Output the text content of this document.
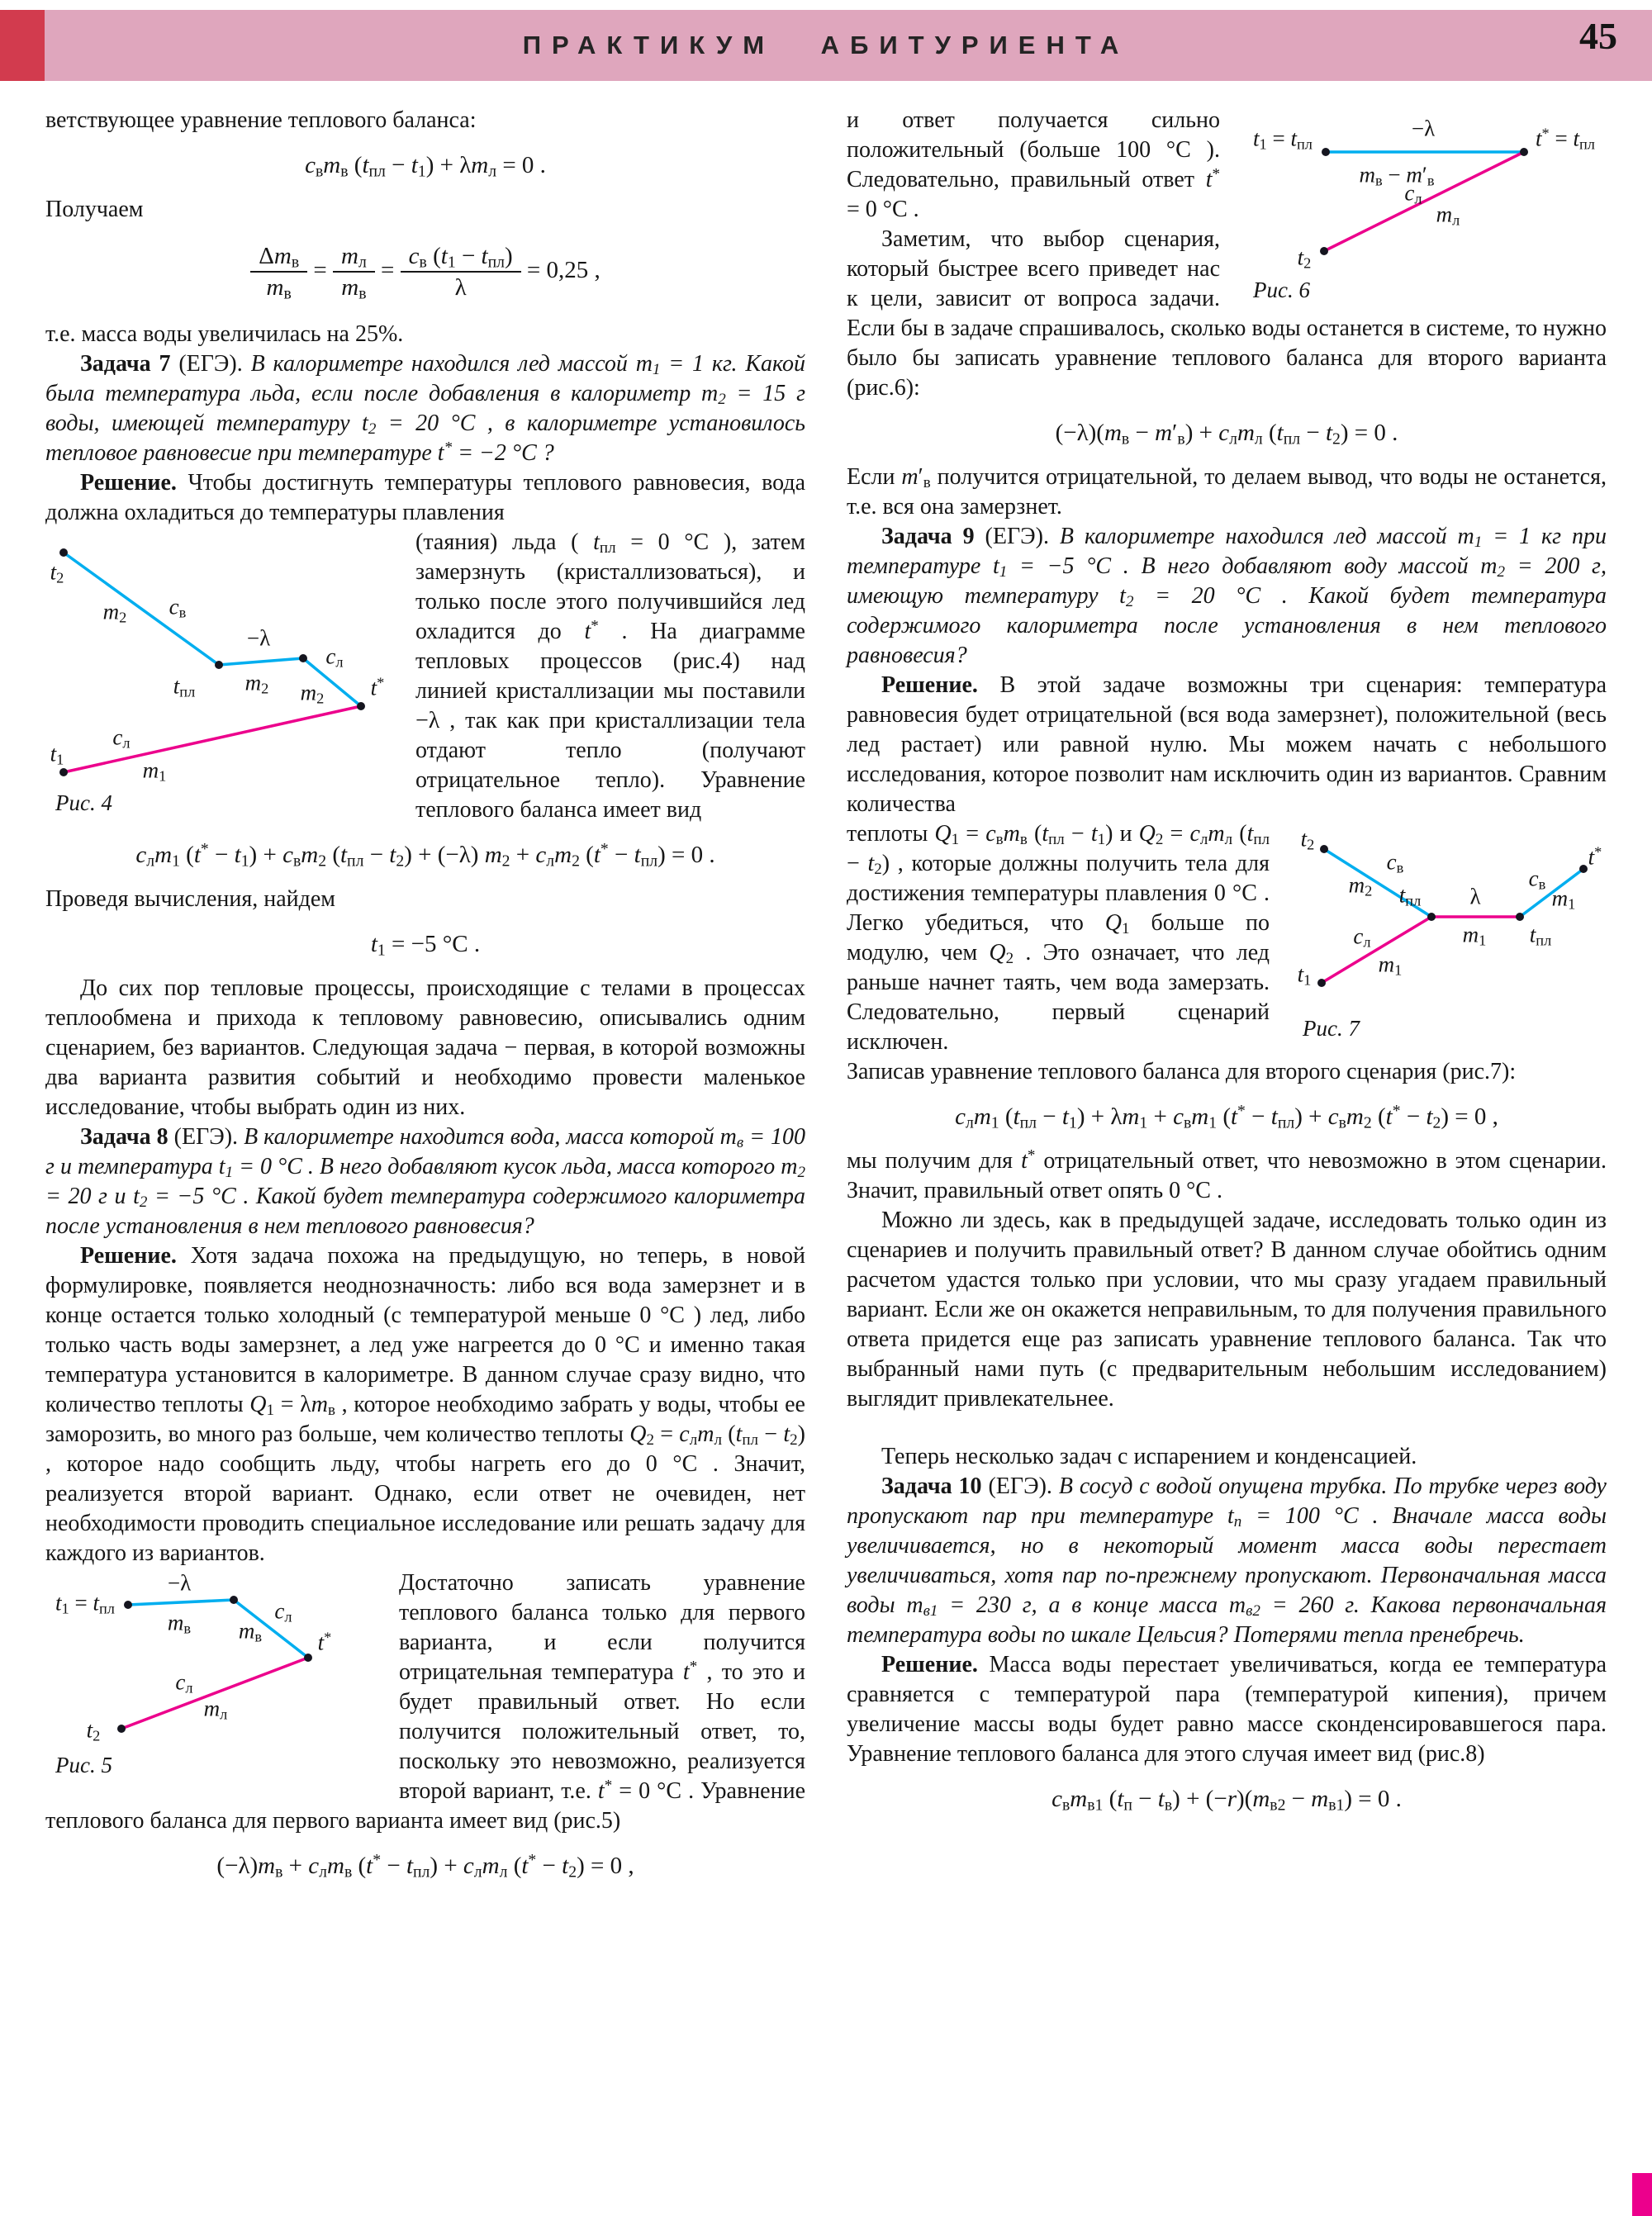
ПРАКТИКУМ АБИТУРИЕНТА	45

ветствующее уравнение теплового баланса:

$c_вm_в$ $(t_{пл} - t_1) + \lambda m_л = 0$ .

Получаем

$\frac{\Delta m_в}{m_в} = \frac{m_л}{m_в} = \frac{c_в (t_1 - t_{пл})}{\lambda} = 0,25$ ,

т.е. масса воды увеличилась на 25%.

Задача 7 (ЕГЭ). В калориметре находился лед массой $m_1 = 1$ кг. Какой была температура льда, если после добавления в калориметр $m_2 = 15$ г воды, имеющей температуру $t_2 = 20$ °C , в калориметре установилось тепловое равновесие при температуре t* = −2 °C ?

Решение. Чтобы достигнуть температуры теплового равновесия, вода должна охладиться до температуры плавления

$t_2$
$c_в$
$m_2$
$t_{пл}$
−λ
$m_2$
$c_л$
$m_2$ t*
$t_1$
$c_л$
$m_1$
Рис. 4

(таяния) льда ( $t_{пл} = 0$ °C ), затем замерзнуть (кристаллизоваться), и только после этого получившийся лед охладится до t* . На диаграмме тепловых процессов (рис.4) над линией кристаллизации мы поставили −λ , так как при кристаллизации тела отдают тепло (получают отрицательное тепло). Уравнение теплового баланса имеет вид

$c_лm_1$ $(t^* - t_1) + c_вm_2$ $(t_{пл} - t_2) + (-\lambda) m_2 + c_лm_2$ $(t^* - t_{пл}) = 0$ .

Проведя вычисления, найдем

$t_1 = -5$ °C .

До сих пор тепловые процессы, происходящие с телами в процессах теплообмена и прихода к тепловому равновесию, описывались одним сценарием, без вариантов. Следующая задача − первая, в которой возможны два варианта развития событий и необходимо провести маленькое исследование, чтобы выбрать один из них.

Задача 8 (ЕГЭ). В калориметре находится вода, масса которой $m_в = 100$ г и температура $t_1 = 0$ °C . В него добавляют кусок льда, масса которого $m_2 = 20$ г и $t_2 = -5$ °C . Какой будет температура содержимого калориметра после установления в нем теплового равновесия?

Решение. Хотя задача похожа на предыдущую, но теперь, в новой формулировке, появляется неоднозначность: либо вся вода замерзнет и в конце остается только холодный (с температурой меньше 0 °C ) лед, либо только часть воды замерзнет, а лед уже нагреется до 0 °C и именно такая температура установится в калориметре. В данном случае сразу видно, что количество теплоты $Q_1 = \lambda m_в$ , которое необходимо забрать у воды, чтобы ее заморозить, во много раз больше, чем количество теплоты $Q_2 = c_лm_л$ $(t_{пл} - t_2)$ , которое надо сообщить льду, чтобы нагреть его до 0 °C . Значит, реализуется второй вариант. Однако, если ответ не очевиден, нет необходимости проводить специальное исследование или решать задачу для каждого из вариантов.

$t_1 = t_{пл}$
−λ
$m_в$
$c_л$
$m_в$	t*
$t_2$
$c_л$
$m_л$
Рис. 5

Достаточно записать уравнение теплового баланса только для первого варианта, и если получится отрицательная температура t* , то это и будет правильный ответ. Но если получится положительный ответ, то, поскольку это невозможно, реализуется второй вариант, т.е. t* = 0 °C . Уравнение теплового баланса для первого варианта имеет вид (рис.5)

$(-\lambda)m_в + c_лm_в$ $(t^* - t_{пл}) + c_лm_л$ $(t^* - t_2) = 0$ ,
$t_1 = t_{пл}$	$t^* = t_{пл}$
−λ
$m_в - m'_в$
$c_л$
$m_л$
$t_2$
Рис. 6

и ответ получается сильно положительный (больше 100 °C ). Следовательно, правильный ответ t* = 0 °C .

Заметим, что выбор сценария, который быстрее всего приведет нас к цели, зависит от вопроса задачи. Если бы в задаче спрашивалось, сколько воды останется в системе, то нужно было бы записать уравнение теплового баланса для второго варианта (рис.6):

$(-\lambda)(m_в - m'_в) + c_лm_л$ $(t_{пл} - t_2) = 0$ .

Если $m'_в$ получится отрицательной, то делаем вывод, что воды не останется, т.е. вся она замерзнет.

Задача 9 (ЕГЭ). В калориметре находился лед массой $m_1 = 1$ кг при температуре $t_1 = -5$ °C . В него добавляют воду массой $m_2 = 200$ г, имеющую температуру $t_2 = 20$ °C . Какой будет температура содержимого калориметра после установления в нем теплового равновесия?

Решение. В этой задаче возможны три сценария: температура равновесия будет отрицательной (вся вода замерзнет), положительной (весь лед растает) или равной нулю. Мы можем начать с небольшого исследования, которое позволит нам исключить один из вариантов. Сравним количества

$t_2$
$c_в$
$m_2$ $t_{пл}$ λ
$m_1$ $t_{пл}$
$c_в$
$m_1$
t*
$t_1$
$c_л$
$m_1$
Рис. 7

теплоты $Q_1 = c_вm_в$ $(t_{пл} - t_1)$ и $Q_2 = c_лm_л$ $(t_{пл} - t_2)$ , которые должны получить тела для достижения температуры плавления 0 °C . Легко убедиться, что $Q_1$ больше по модулю, чем $Q_2$ . Это означает, что лед раньше начнет таять, чем вода замерзать. Следовательно, первый сценарий исключен.

Записав уравнение теплового баланса для второго сценария (рис.7):

$c_лm_1$ $(t_{пл} - t_1) + \lambda m_1 + c_вm_1$ $(t^* - t_{пл}) + c_вm_2$ $(t^* - t_2) = 0$ ,

мы получим для t* отрицательный ответ, что невозможно в этом сценарии. Значит, правильный ответ опять 0 °C .

Можно ли здесь, как в предыдущей задаче, исследовать только один из сценариев и получить правильный ответ? В данном случае обойтись одним расчетом удастся только при условии, что мы сразу угадаем правильный вариант. Если же он окажется неправильным, то для получения правильного ответа придется еще раз записать уравнение теплового баланса. Так что выбранный нами путь (с предварительным небольшим исследованием) выглядит привлекательнее.

Теперь несколько задач с испарением и конденсацией.

Задача 10 (ЕГЭ). В сосуд с водой опущена трубка. По трубке через воду пропускают пар при температуре $t_п = 100$ °C . Вначале масса воды увеличивается, но в некоторый момент масса воды перестает увеличиваться, хотя пар по-прежнему пропускают. Первоначальная масса воды $m_{в1} = 230$ г, а в конце масса $m_{в2} = 260$ г. Какова первоначальная температура воды по шкале Цельсия? Потерями тепла пренебречь.

Решение. Масса воды перестает увеличиваться, когда ее температура сравняется с температурой пара (температурой кипения), причем увеличение массы воды будет равно массе сконденсировавшегося пара. Уравнение теплового баланса для этого случая имеет вид (рис.8)

$c_вm_{в1}$ $(t_п - t_в) + (-r)(m_{в2} - m_{в1}) = 0$ .
